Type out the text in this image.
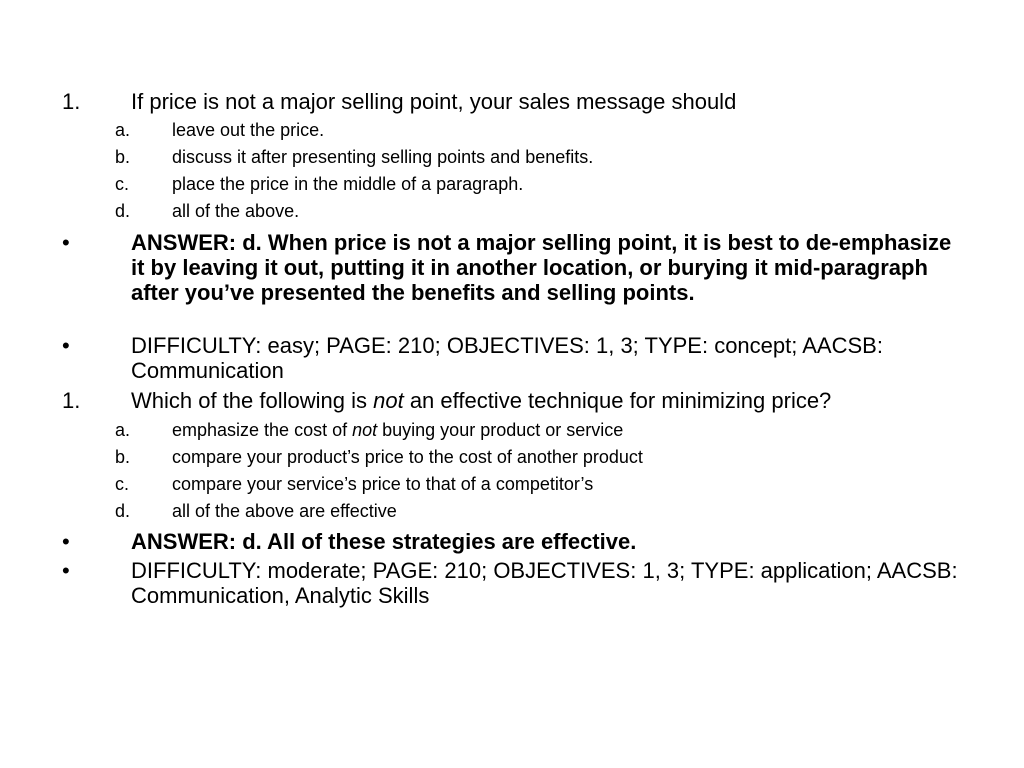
1. If price is not a major selling point, your sales message should
a. leave out the price.
b. discuss it after presenting selling points and benefits.
c. place the price in the middle of a paragraph.
d. all of the above.
•	ANSWER: d. When price is not a major selling point, it is best to de-emphasize it by leaving it out, putting it in another location, or burying it mid-paragraph after you’ve presented the benefits and selling points.
•	DIFFICULTY: easy; PAGE: 210; OBJECTIVES: 1, 3; TYPE: concept; AACSB: Communication
1. Which of the following is not an effective technique for minimizing price?
a. emphasize the cost of not buying your product or service
b. compare your product’s price to the cost of another product
c. compare your service’s price to that of a competitor’s
d. all of the above are effective
•	ANSWER: d. All of these strategies are effective.
•	DIFFICULTY: moderate; PAGE: 210; OBJECTIVES: 1, 3; TYPE: application; AACSB: Communication, Analytic Skills
